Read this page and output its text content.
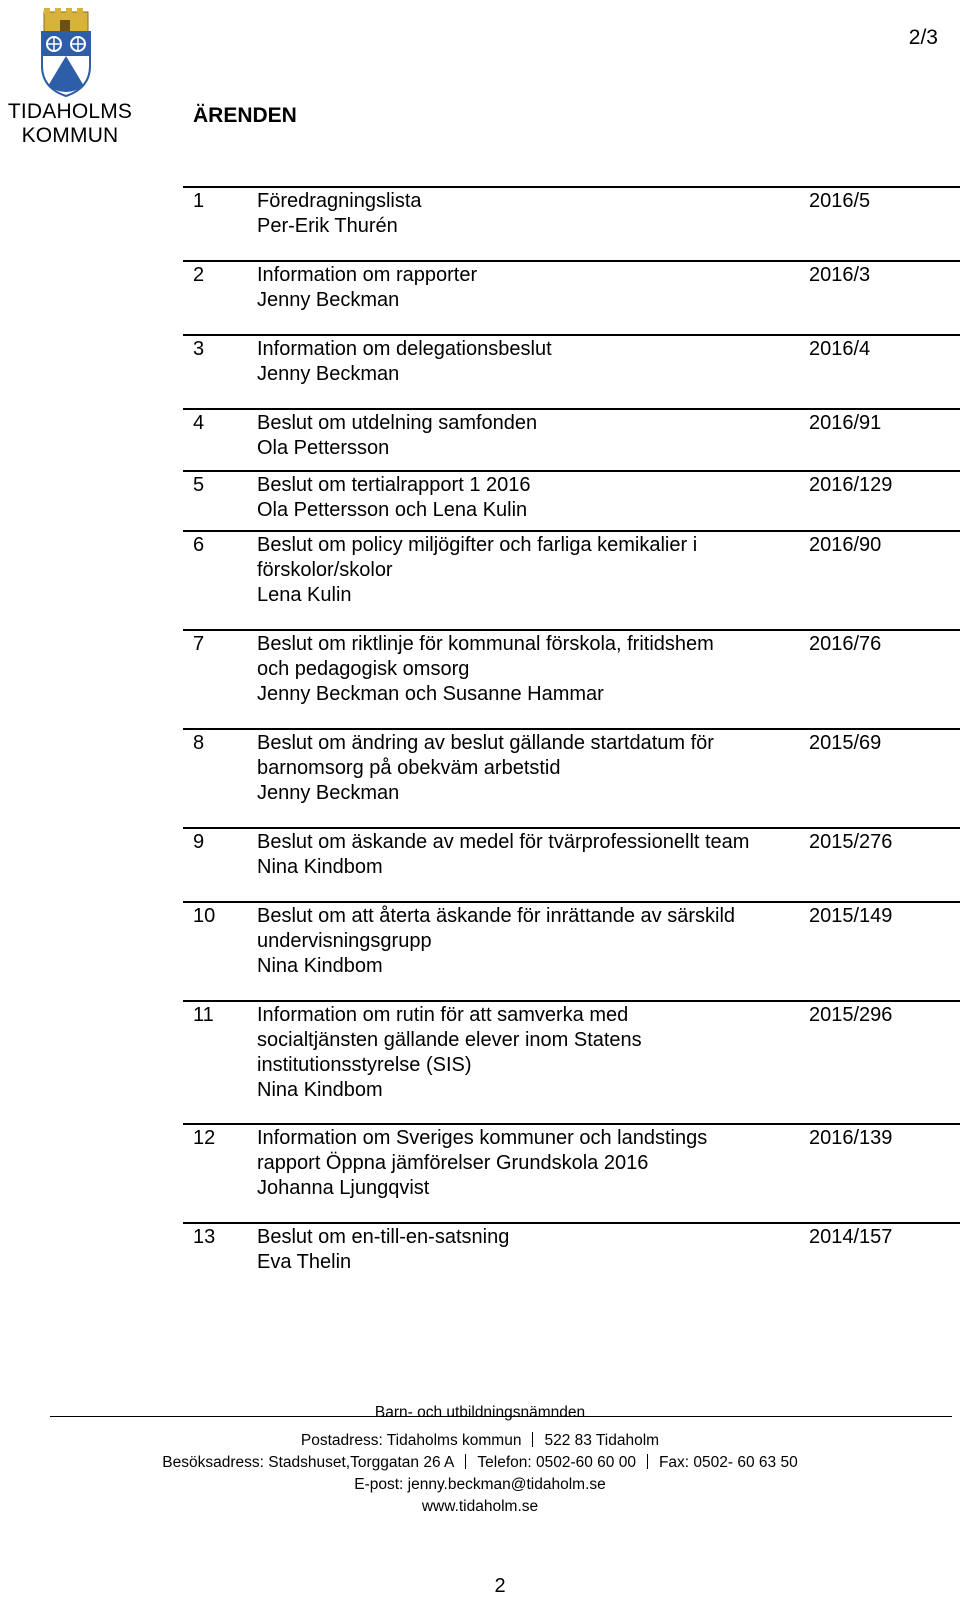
TIDAHOLMS
KOMMUN
2/3
ÄRENDEN
1	Föredragningslista
Per-Erik Thurén
2016/5
2	Information om rapporter
Jenny Beckman
2016/3
3	Information om delegationsbeslut
Jenny Beckman
2016/4
4	Beslut om utdelning samfonden
Ola Pettersson
2016/91
5	Beslut om tertialrapport 1 2016
Ola Pettersson och Lena Kulin
2016/129
6	Beslut om policy miljögifter och farliga kemikalier i
förskolor/skolor
Lena Kulin
2016/90
7	Beslut om riktlinje för kommunal förskola, fritidshem
och pedagogisk omsorg
Jenny Beckman och Susanne Hammar
2016/76
8	Beslut om ändring av beslut gällande startdatum för
barnomsorg på obekväm arbetstid
Jenny Beckman
2015/69
9	Beslut om äskande av medel för tvärprofessionellt team
Nina Kindbom
2015/276
10	Beslut om att återta äskande för inrättande av särskild
undervisningsgrupp
Nina Kindbom
2015/149
11	Information om rutin för att samverka med
socialtjänsten gällande elever inom Statens
institutionsstyrelse (SIS)
Nina Kindbom
2015/296
12	Information om Sveriges kommuner och landstings
rapport Öppna jämförelser Grundskola 2016
Johanna Ljungqvist
2016/139
13	Beslut om en-till-en-satsning
Eva Thelin
2014/157
Barn- och utbildningsnämnden
Postadress: Tidaholms kommun 522 83 Tidaholm
Besöksadress: Stadshuset,Torggatan 26 A Telefon: 0502-60 60 00 Fax: 0502- 60 63 50
E-post: jenny.beckman@tidaholm.se
www.tidaholm.se
2
